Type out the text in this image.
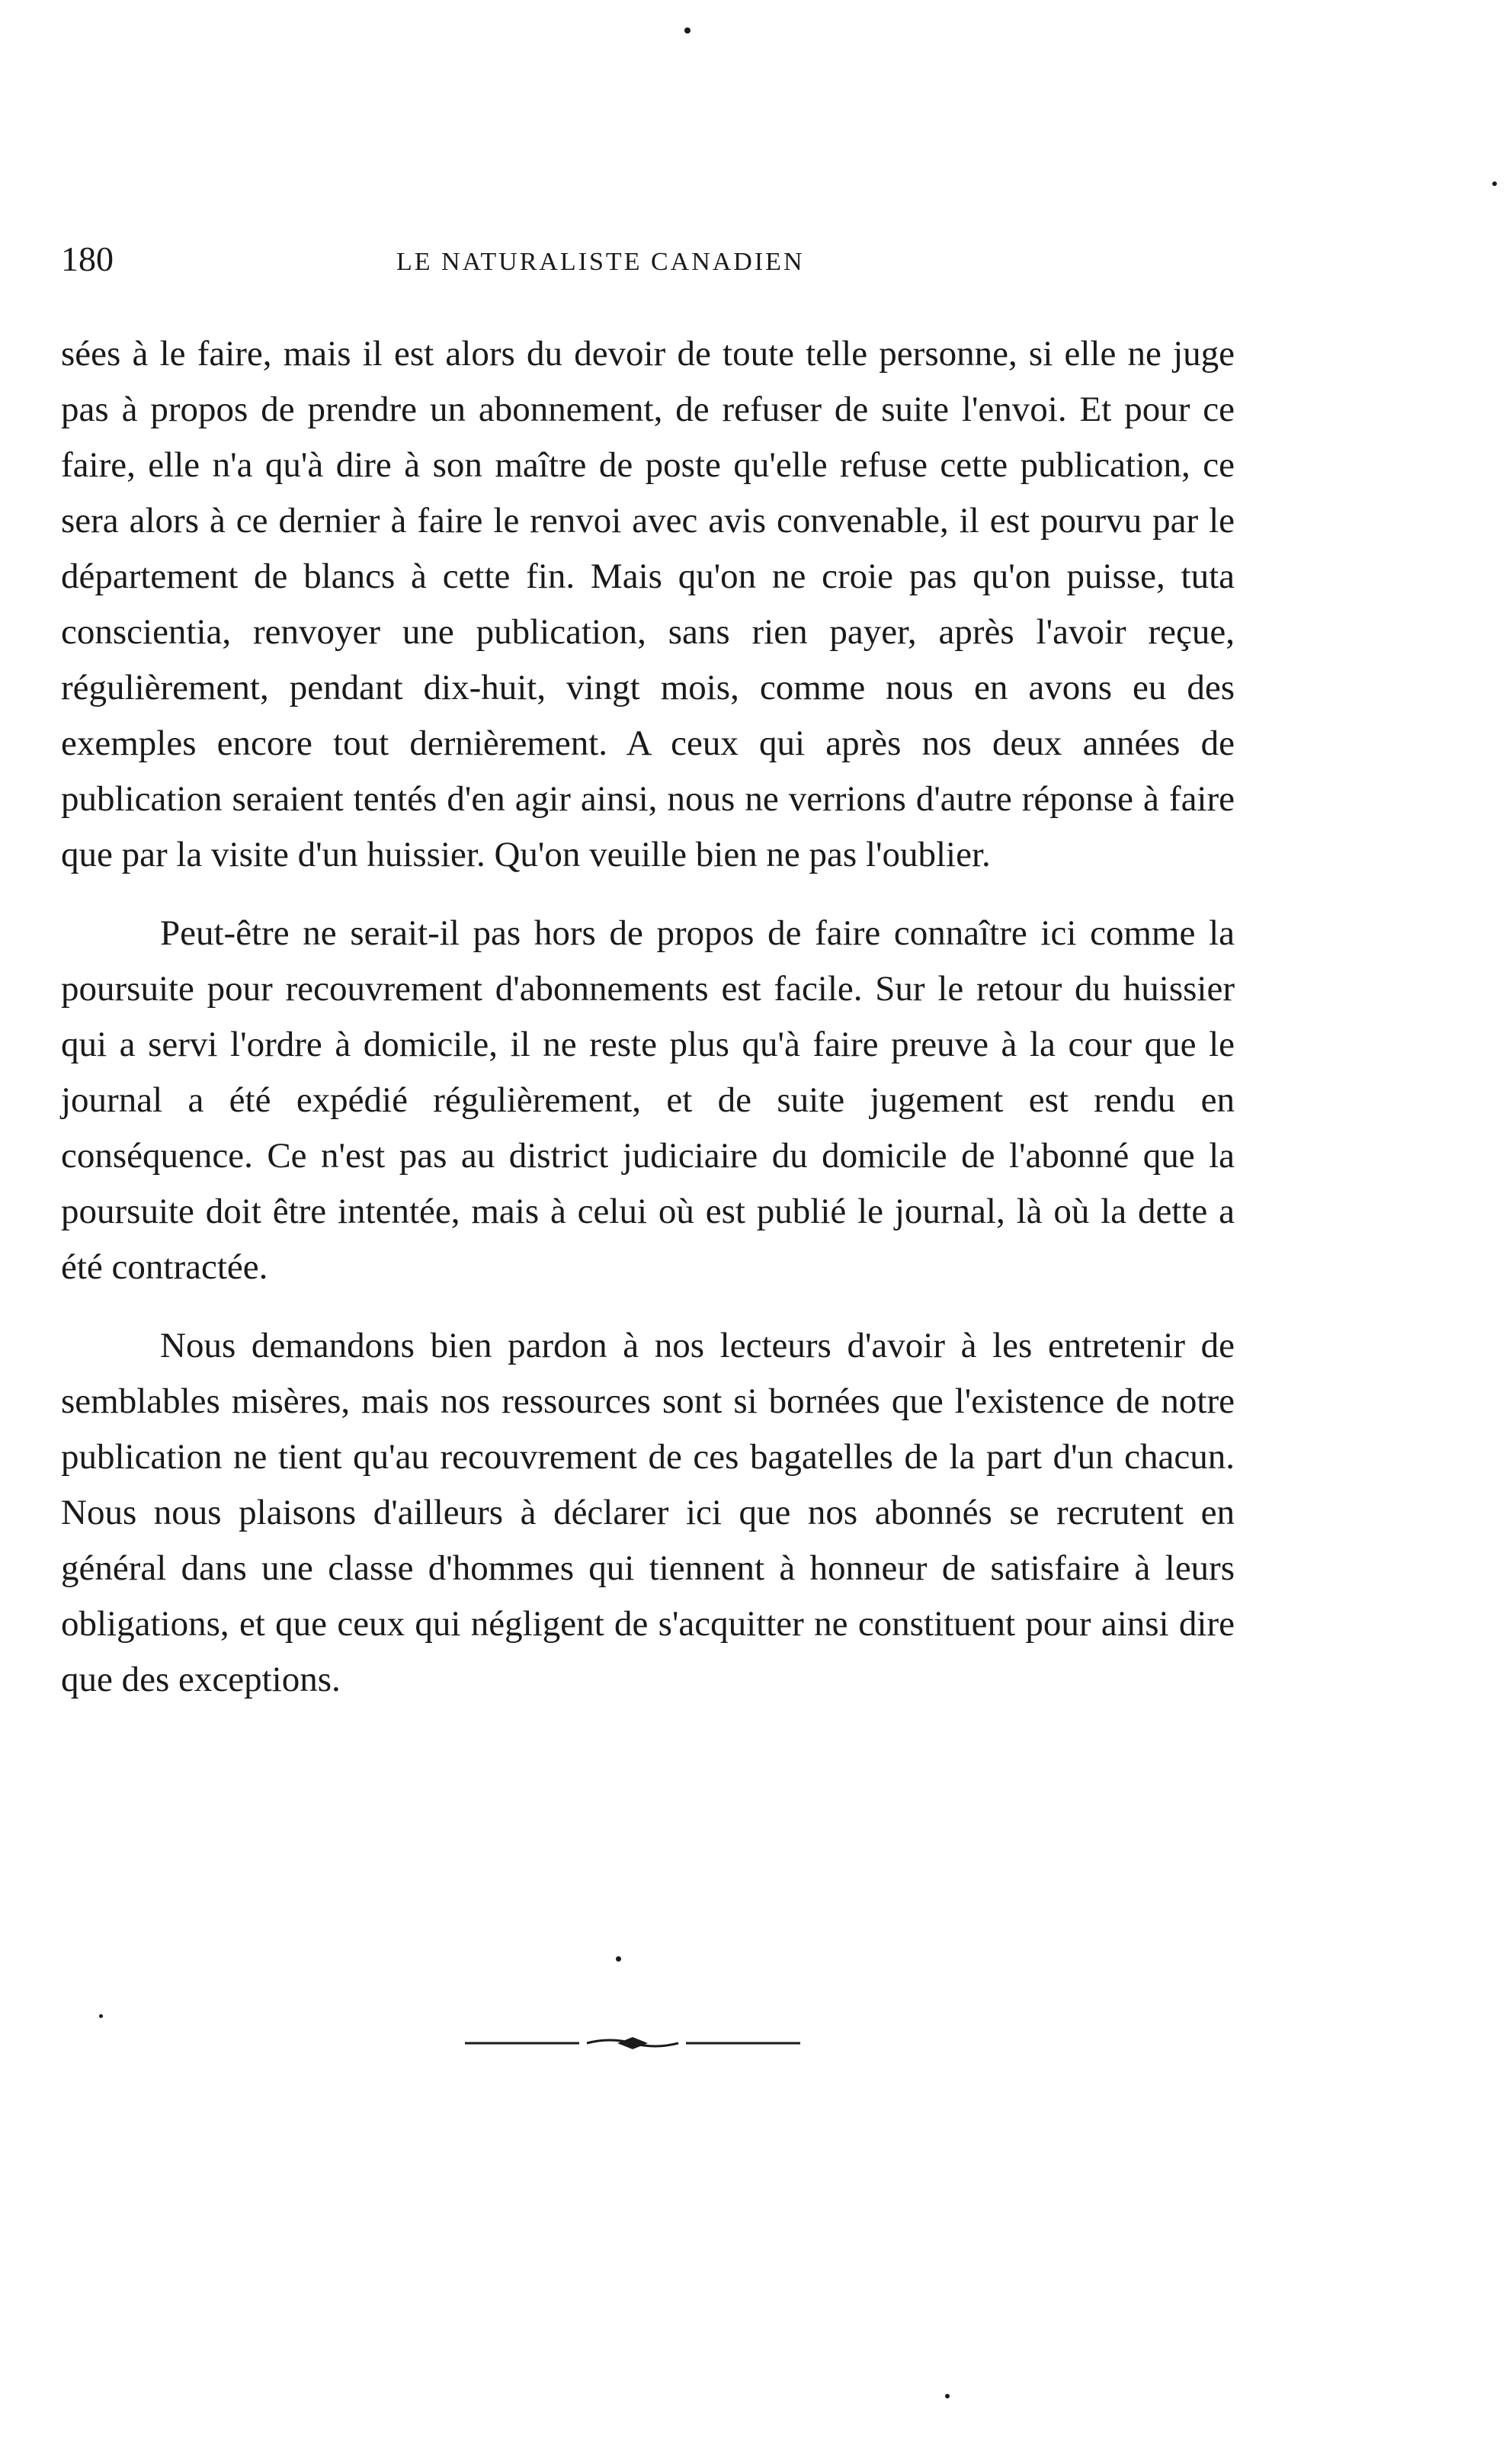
180	LE NATURALISTE CANADIEN

sées à le faire, mais il est alors du devoir de toute telle personne, si elle ne juge pas à propos de prendre un abonnement, de refuser de suite l'envoi. Et pour ce faire, elle n'a qu'à dire à son maître de poste qu'elle refuse cette publication, ce sera alors à ce dernier à faire le renvoi avec avis convenable, il est pourvu par le département de blancs à cette fin. Mais qu'on ne croie pas qu'on puisse, tuta conscientia, renvoyer une publication, sans rien payer, après l'avoir reçue, régulièrement, pendant dix-huit, vingt mois, comme nous en avons eu des exemples encore tout dernièrement. A ceux qui après nos deux années de publication seraient tentés d'en agir ainsi, nous ne verrions d'autre réponse à faire que par la visite d'un huissier. Qu'on veuille bien ne pas l'oublier.

Peut-être ne serait-il pas hors de propos de faire connaître ici comme la poursuite pour recouvrement d'abonnements est facile. Sur le retour du huissier qui a servi l'ordre à domicile, il ne reste plus qu'à faire preuve à la cour que le journal a été expédié régulièrement, et de suite jugement est rendu en conséquence. Ce n'est pas au district judiciaire du domicile de l'abonné que la poursuite doit être intentée, mais à celui où est publié le journal, là où la dette a été contractée.

Nous demandons bien pardon à nos lecteurs d'avoir à les entretenir de semblables misères, mais nos ressources sont si bornées que l'existence de notre publication ne tient qu'au recouvrement de ces bagatelles de la part d'un chacun. Nous nous plaisons d'ailleurs à déclarer ici que nos abonnés se recrutent en général dans une classe d'hommes qui tiennent à honneur de satisfaire à leurs obligations, et que ceux qui négligent de s'acquitter ne constituent pour ainsi dire que des exceptions.
